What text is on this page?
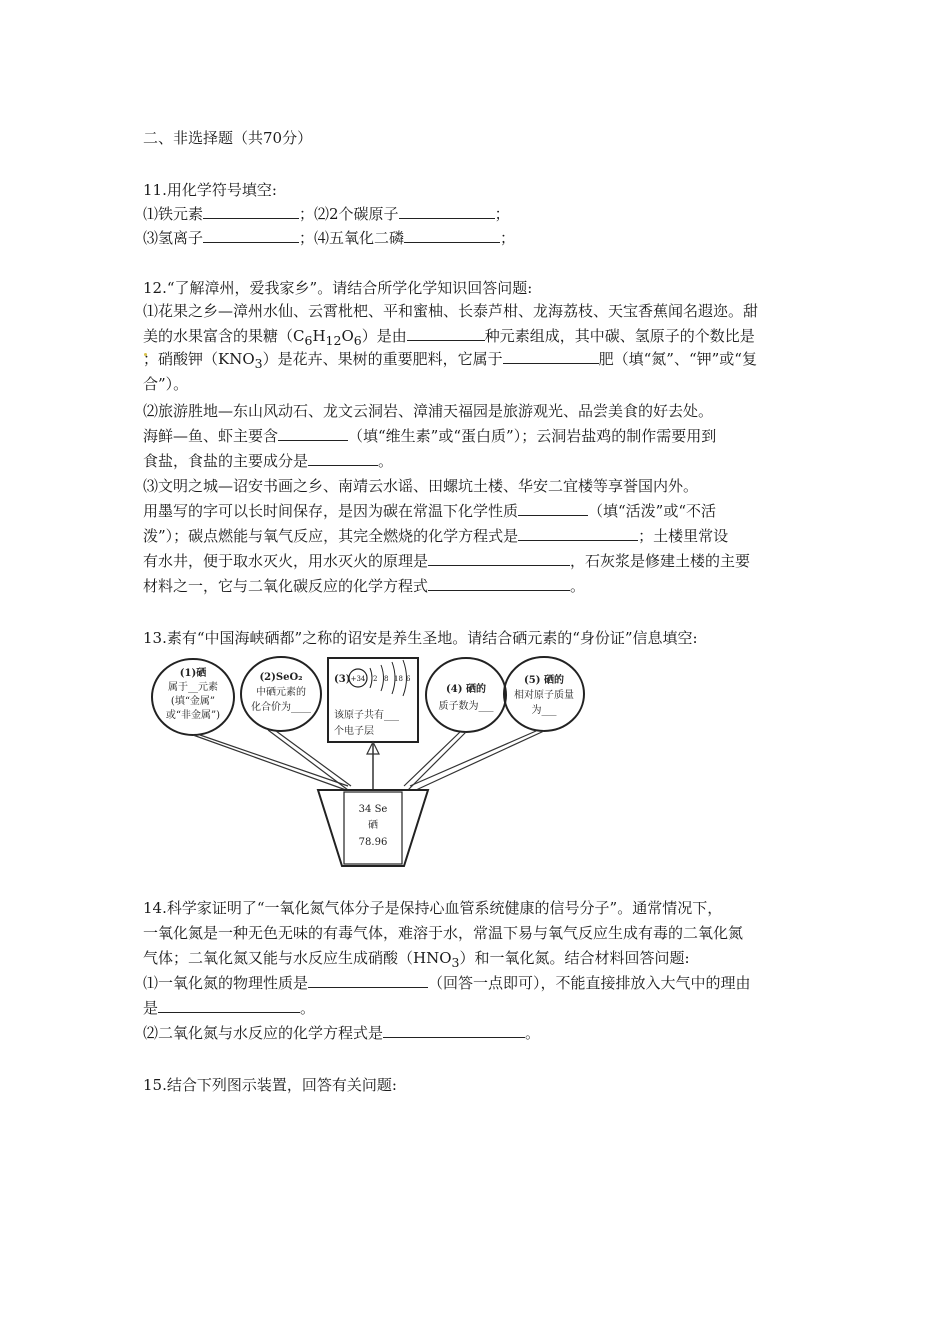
二、非选择题（共70分）
11.用化学符号填空:
⑴铁元素	；⑵2个碳原子	；
⑶氢离子	；⑷五氧化二磷	；
12.“了解漳州，爱我家乡”。请结合所学化学知识回答问题:
⑴花果之乡—漳州水仙、云霄枇杷、平和蜜柚、长泰芦柑、龙海荔枝、天宝香蕉闻名遐迩。甜
美的水果富含的果糖$(C_6H_{12}O_6)$是由	种元素组成，其中碳、氢原子的个数比是
；硝酸钾$(KNO_3)$是花卉、果树的重要肥料，它属于	肥（填“氮”、“钾”或“复
合”）。
⑵旅游胜地—东山风动石、龙文云洞岩、漳浦天福园是旅游观光、品尝美食的好去处。
海鲜—鱼、虾主要含	（填“维生素”或“蛋白质”）；云洞岩盐鸡的制作需要用到
食盐，食盐的主要成分是	。
⑶文明之城—诏安书画之乡、南靖云水谣、田螺坑土楼、华安二宜楼等享誉国内外。
用墨写的字可以长时间保存，是因为碳在常温下化学性质	（填“活泼”或“不活
泼”）；碳点燃能与氧气反应，其完全燃烧的化学方程式是	；土楼里常设
有水井，便于取水灭火，用水灭火的原理是	，石灰浆是修建土楼的主要
材料之一，它与二氧化碳反应的化学方程式	。
13.素有“中国海峡硒都”之称的诏安是养生圣地。请结合硒元素的“身份证”信息填空:
(1)硒
属于__元素
(填“金属”
或“非金属”)
(2)SeO₂
中硒元素的
化合价为____
(3) +34 2 8 18 6
该原子共有___
个电子层
(4) 硒的
质子数为___
(5) 硒的
相对原子质量
为___
34 Se
硒
78.96
14.科学家证明了“一氧化氮气体分子是保持心血管系统健康的信号分子”。通常情况下，
一氧化氮是一种无色无味的有毒气体，难溶于水，常温下易与氧气反应生成有毒的二氧化氮
气体；二氧化氮又能与水反应生成硝酸$(HNO_3)$和一氧化氮。结合材料回答问题:
⑴一氧化氮的物理性质是	（回答一点即可），不能直接排放入大气中的理由
是	。
⑵二氧化氮与水反应的化学方程式是	。
15.结合下列图示装置，回答有关问题:
